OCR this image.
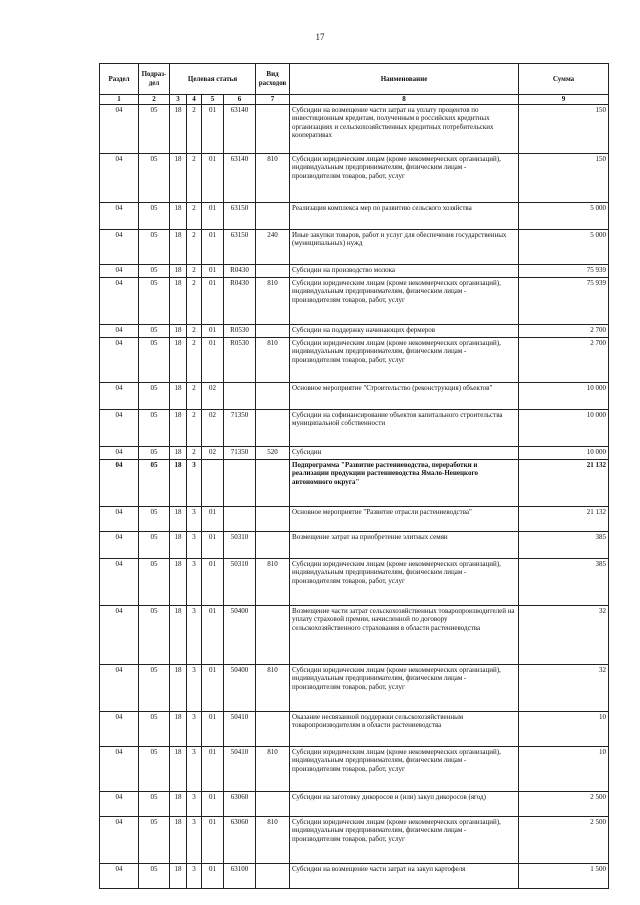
17
Раздел	Подраз-дел	Целевая статья				Вид расходов	Наименование	Сумма
1	2	3	4	5	6	7	8	9
04	05	18	2	01	63140		Субсидии на возмещение части затрат на уплату процентов по инвестиционным кредитам, полученным в российских кредитных организациях и сельскохозяйственных кредитных потребительских кооперативах	150
04	05	18	2	01	63140	810	Субсидии юридическим лицам (кроме некоммерческих организаций), индивидуальным предпринимателям, физическим лицам - производителям товаров, работ, услуг	150
04	05	18	2	01	63150		Реализация комплекса мер по развитию сельского хозяйства	5 000
04	05	18	2	01	63150	240	Иные закупки товаров, работ и услуг для обеспечения государственных (муниципальных) нужд	5 000
04	05	18	2	01	R0430		Субсидии на производство молока	75 939
04	05	18	2	01	R0430	810	Субсидии юридическим лицам (кроме некоммерческих организаций), индивидуальным предпринимателям, физическим лицам - производителям товаров, работ, услуг	75 939
04	05	18	2	01	R0530		Субсидии на поддержку начинающих фермеров	2 700
04	05	18	2	01	R0530	810	Субсидии юридическим лицам (кроме некоммерческих организаций), индивидуальным предпринимателям, физическим лицам - производителям товаров, работ, услуг	2 700
04	05	18	2	02			Основное мероприятие "Строительство (реконструкция) объектов"	10 000
04	05	18	2	02	71350		Субсидии на софинансирование объектов капитального строительства муниципальной собственности	10 000
04	05	18	2	02	71350	520	Субсидии	10 000
04	05	18	3				Подпрограмма "Развитие растениеводства, переработки и реализации продукции растениеводства Ямало-Ненецкого автономного округа"	21 132
04	05	18	3	01			Основное мероприятие "Развитие отрасли растениеводства"	21 132
04	05	18	3	01	50310		Возмещение затрат на приобретение элитных семян	385
04	05	18	3	01	50310	810	Субсидии юридическим лицам (кроме некоммерческих организаций), индивидуальным предпринимателям, физическим лицам - производителям товаров, работ, услуг	385
04	05	18	3	01	50400		Возмещение части затрат сельскохозяйственных товаропроизводителей на уплату страховой премии, начисленной по договору сельскохозяйственного страхования в области растениеводства	32
04	05	18	3	01	50400	810	Субсидии юридическим лицам (кроме некоммерческих организаций), индивидуальным предпринимателям, физическим лицам - производителям товаров, работ, услуг	32
04	05	18	3	01	50410		Оказание несвязанной поддержки сельскохозяйственным товаропроизводителям в области растениеводства	10
04	05	18	3	01	50410	810	Субсидии юридическим лицам (кроме некоммерческих организаций), индивидуальным предпринимателям, физическим лицам - производителям товаров, работ, услуг	10
04	05	18	3	01	63060		Субсидии на заготовку дикоросов и (или) закуп дикоросов (ягод)	2 500
04	05	18	3	01	63060	810	Субсидии юридическим лицам (кроме некоммерческих организаций), индивидуальным предпринимателям, физическим лицам - производителям товаров, работ, услуг	2 500
04	05	18	3	01	63100		Субсидии на возмещение части затрат на закуп картофеля	1 500
